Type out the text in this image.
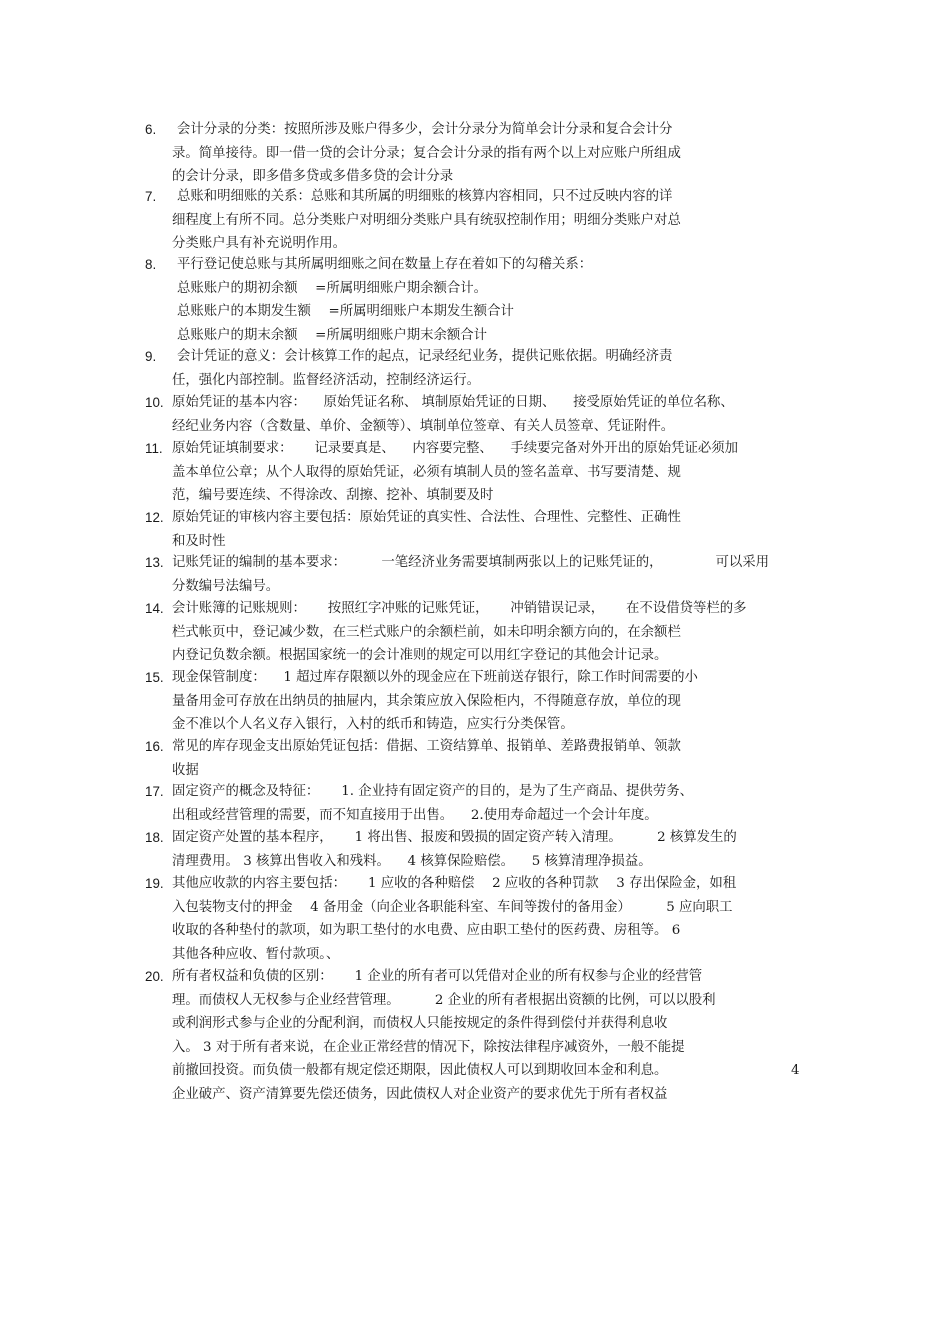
6. 会计分录的分类：按照所涉及账户得多少，会计分录分为简单会计分录和复合会计分
录。简单接待。即一借一贷的会计分录；复合会计分录的指有两个以上对应账户所组成
的会计分录，即多借多贷或多借多贷的会计分录
7. 总账和明细账的关系：总账和其所属的明细账的核算内容相同，只不过反映内容的详
细程度上有所不同。总分类账户对明细分类账户具有统驭控制作用；明细分类账户对总
分类账户具有补充说明作用。
8. 平行登记使总账与其所属明细账之间在数量上存在着如下的勾稽关系：
总账账户的期初余额 　=所属明细账户期余额合计。
总账账户的本期发生额 　=所属明细账户本期发生额合计
总账账户的期末余额 　=所属明细账户期末余额合计
9. 会计凭证的意义：会计核算工作的起点，记录经纪业务，提供记账依据。明确经济责
任，强化内部控制。监督经济活动，控制经济运行。
10. 原始凭证的基本内容： 　原始凭证名称、 填制原始凭证的日期、 　接受原始凭证的单位名称、
经纪业务内容（含数量、单价、金额等）、填制单位签章、有关人员签章、凭证附件。
11. 原始凭证填制要求： 　 记录要真是、 　内容要完整、 　手续要完备对外开出的原始凭证必须加
盖本单位公章；从个人取得的原始凭证，必须有填制人员的签名盖章、书写要清楚、规
范，编号要连续、不得涂改、刮擦、挖补、填制要及时
12. 原始凭证的审核内容主要包括：原始凭证的真实性、合法性、合理性、完整性、正确性
和及时性
13. 记账凭证的编制的基本要求： 　 　一笔经济业务需要填制两张以上的记账凭证的， 　 　 　可以采用
分数编号法编号。
14. 会计账簿的记账规则： 　 按照红字冲账的记账凭证， 　 冲销错误记录， 　 在不设借贷等栏的多
栏式帐页中，登记减少数，在三栏式账户的余额栏前，如未印明余额方向的，在余额栏
内登记负数余额。根据国家统一的会计准则的规定可以用红字登记的其他会计记录。
15. 现金保管制度： 　1 超过库存限额以外的现金应在下班前送存银行，除工作时间需要的小
量备用金可存放在出纳员的抽屉内，其余策应放入保险柜内，不得随意存放，单位的现
金不准以个人名义存入银行，入村的纸币和铸造，应实行分类保管。
16. 常见的库存现金支出原始凭证包括：借据、工资结算单、报销单、差路费报销单、领款
收据
17. 固定资产的概念及特征： 　 1. 企业持有固定资产的目的，是为了生产商品、提供劳务、
出租或经营管理的需要，而不知直接用于出售。 　2.使用寿命超过一个会计年度。
18. 固定资产处置的基本程序， 　 1 将出售、报废和毁损的固定资产转入清理。 　 　2 核算发生的
清理费用。 3 核算出售收入和残料。 　4 核算保险赔偿。 　5 核算清理净损益。
19. 其他应收款的内容主要包括： 　 1 应收的各种赔偿 　2 应收的各种罚款 　3 存出保险金，如租
入包装物支付的押金 　4 备用金（向企业各职能科室、车间等拨付的备用金） 　 　5 应向职工
收取的各种垫付的款项，如为职工垫付的水电费、应由职工垫付的医药费、房租等。 6
其他各种应收、暂付款项。、
20. 所有者权益和负债的区别： 　 1 企业的所有者可以凭借对企业的所有权参与企业的经营管
理。而债权人无权参与企业经营管理。 　 　2 企业的所有者根据出资额的比例，可以以股利
或利润形式参与企业的分配利润，而债权人只能按规定的条件得到偿付并获得利息收
入。 3 对于所有者来说，在企业正常经营的情况下，除按法律程序减资外，一般不能提
前撤回投资。而负债一般都有规定偿还期限，因此债权人可以到期收回本金和利息。 　 　 　 　 　 　 　4
企业破产、资产清算要先偿还债务，因此债权人对企业资产的要求优先于所有者权益
